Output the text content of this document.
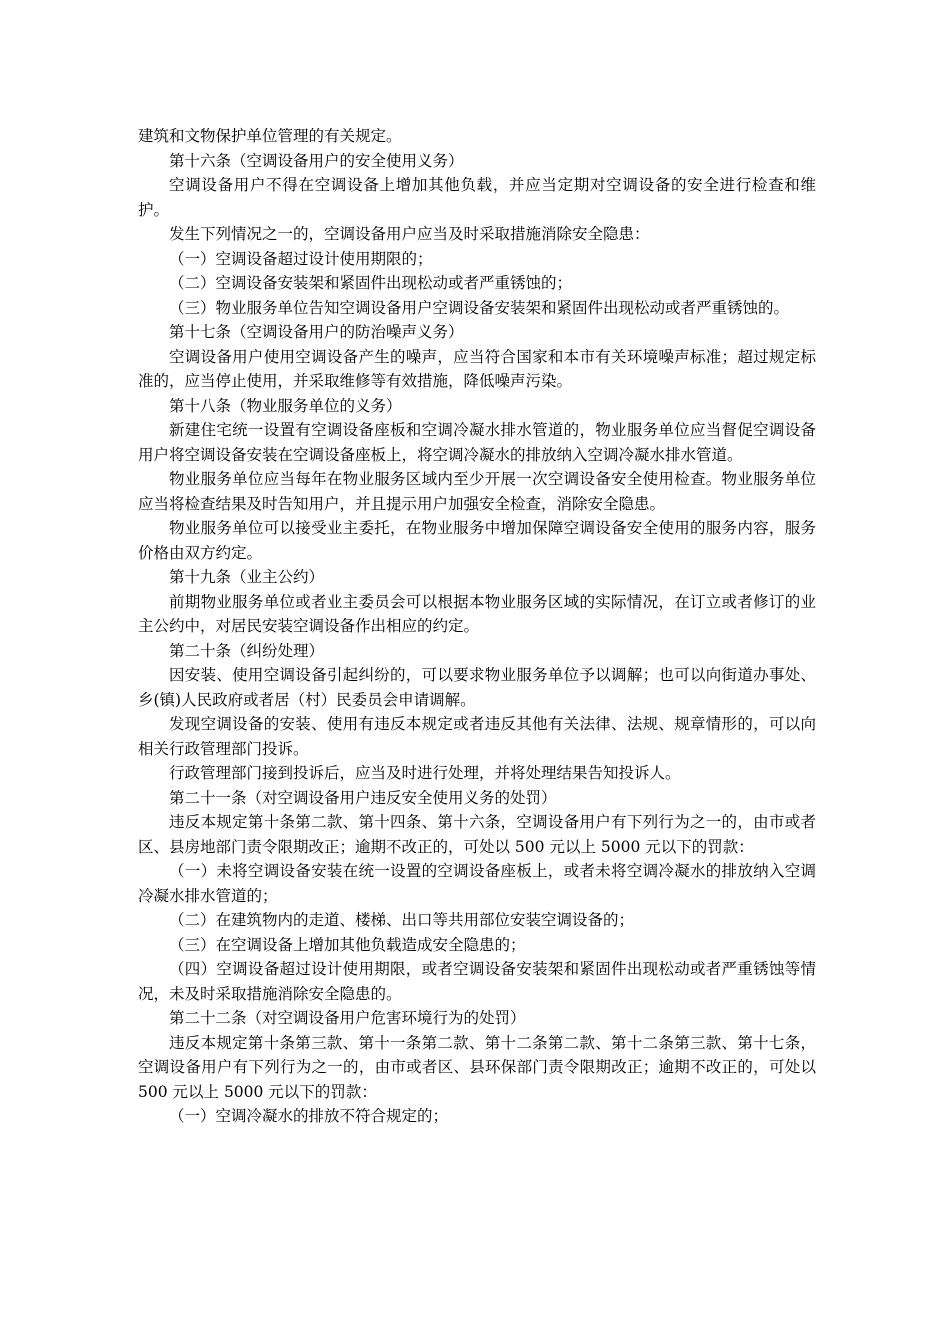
建筑和文物保护单位管理的有关规定。

第十六条（空调设备用户的安全使用义务）

空调设备用户不得在空调设备上增加其他负载，并应当定期对空调设备的安全进行检查和维护。

发生下列情况之一的，空调设备用户应当及时采取措施消除安全隐患：

（一）空调设备超过设计使用期限的；

（二）空调设备安装架和紧固件出现松动或者严重锈蚀的；

（三）物业服务单位告知空调设备用户空调设备安装架和紧固件出现松动或者严重锈蚀的。

第十七条（空调设备用户的防治噪声义务）

空调设备用户使用空调设备产生的噪声，应当符合国家和本市有关环境噪声标准；超过规定标准的，应当停止使用，并采取维修等有效措施，降低噪声污染。

第十八条（物业服务单位的义务）

新建住宅统一设置有空调设备座板和空调冷凝水排水管道的，物业服务单位应当督促空调设备用户将空调设备安装在空调设备座板上，将空调冷凝水的排放纳入空调冷凝水排水管道。

物业服务单位应当每年在物业服务区域内至少开展一次空调设备安全使用检查。物业服务单位应当将检查结果及时告知用户，并且提示用户加强安全检查，消除安全隐患。

物业服务单位可以接受业主委托，在物业服务中增加保障空调设备安全使用的服务内容，服务价格由双方约定。

第十九条（业主公约）

前期物业服务单位或者业主委员会可以根据本物业服务区域的实际情况，在订立或者修订的业主公约中，对居民安装空调设备作出相应的约定。

第二十条（纠纷处理）

因安装、使用空调设备引起纠纷的，可以要求物业服务单位予以调解；也可以向街道办事处、乡(镇)人民政府或者居（村）民委员会申请调解。

发现空调设备的安装、使用有违反本规定或者违反其他有关法律、法规、规章情形的，可以向相关行政管理部门投诉。

行政管理部门接到投诉后，应当及时进行处理，并将处理结果告知投诉人。

第二十一条（对空调设备用户违反安全使用义务的处罚）

违反本规定第十条第二款、第十四条、第十六条，空调设备用户有下列行为之一的，由市或者区、县房地部门责令限期改正；逾期不改正的，可处以 500 元以上 5000 元以下的罚款：

（一）未将空调设备安装在统一设置的空调设备座板上，或者未将空调冷凝水的排放纳入空调冷凝水排水管道的；

（二）在建筑物内的走道、楼梯、出口等共用部位安装空调设备的；

（三）在空调设备上增加其他负载造成安全隐患的；

（四）空调设备超过设计使用期限，或者空调设备安装架和紧固件出现松动或者严重锈蚀等情况，未及时采取措施消除安全隐患的。

第二十二条（对空调设备用户危害环境行为的处罚）

违反本规定第十条第三款、第十一条第二款、第十二条第二款、第十二条第三款、第十七条，空调设备用户有下列行为之一的，由市或者区、县环保部门责令限期改正；逾期不改正的，可处以 500 元以上 5000 元以下的罚款：

（一）空调冷凝水的排放不符合规定的；
